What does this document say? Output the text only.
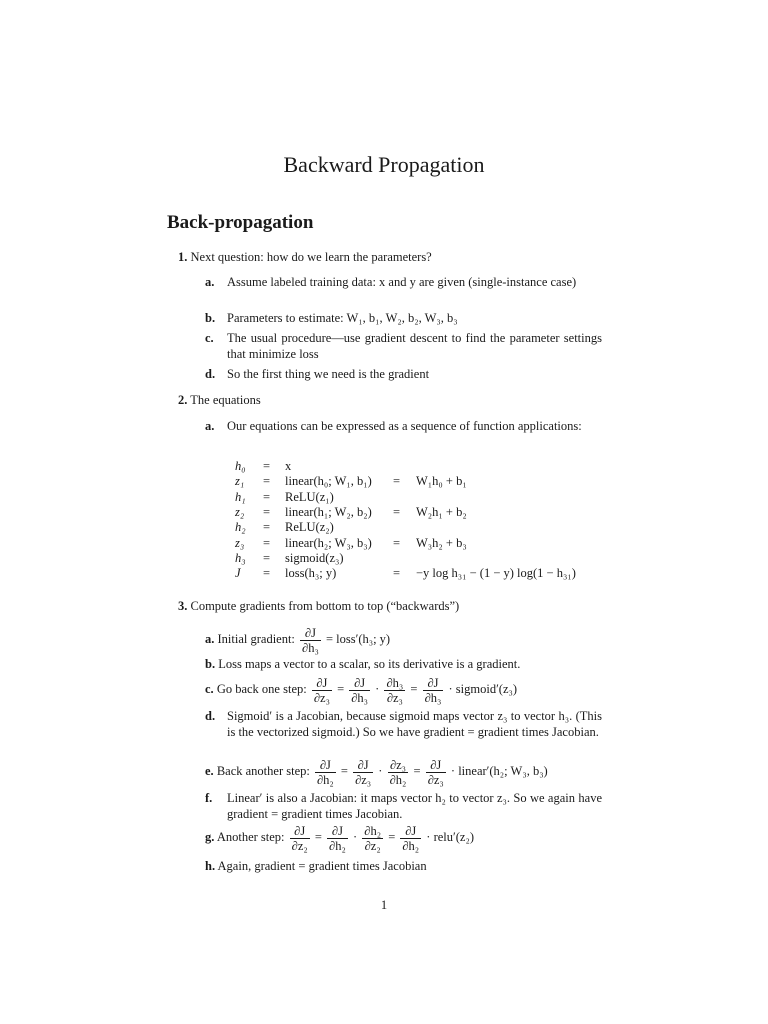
Backward Propagation
Back-propagation
1. Next question: how do we learn the parameters?
a. Assume labeled training data: x and y are given (single-instance case)
b. Parameters to estimate: W₁, b₁, W₂, b₂, W₃, b₃
c. The usual procedure—use gradient descent to find the parameter settings that minimize loss
d. So the first thing we need is the gradient
2. The equations
a. Our equations can be expressed as a sequence of function applications:
h₀ = x
z₁ = linear(h₀; W₁, b₁) = W₁h₀ + b₁
h₁ = ReLU(z₁)
z₂ = linear(h₁; W₂, b₂) = W₂h₁ + b₂
h₂ = ReLU(z₂)
z₃ = linear(h₂; W₃, b₃) = W₃h₂ + b₃
h₃ = sigmoid(z₃)
J = loss(h₃; y)	= −y log h₃₁ − (1 − y) log(1 − h₃₁)
3. Compute gradients from bottom to top (“backwards”)
a. Initial gradient: $\frac{\partial J}{\text{∂h₃}}$ = loss′(h₃; y)
b. Loss maps a vector to a scalar, so its derivative is a gradient.
c. Go back one step: $\frac{\partial J}{\text{∂z₃}} = \frac{\partial J}{\text{∂h₃}} \cdot \frac{\text{∂h₃}}{\text{∂z₃}} = \frac{\partial J}{\text{∂h₃}}$ · sigmoid′(z₃)
d. Sigmoid′ is a Jacobian, because sigmoid maps vector z₃ to vector h₃. (This is the vectorized sigmoid.) So we have gradient = gradient times Jacobian.
e. Back another step: $\frac{\partial J}{\text{∂h₂}} = \frac{\partial J}{\text{∂z₃}} \cdot \frac{\text{∂z₃}}{\text{∂h₂}} = \frac{\partial J}{\text{∂z₃}}$ · linear′(h₂; W₃, b₃)
f. Linear′ is also a Jacobian: it maps vector h₂ to vector z₃. So we again have gradient = gradient times Jacobian.
g. Another step: $\frac{\partial J}{\text{∂z₂}} = \frac{\partial J}{\text{∂h₂}} \cdot \frac{\text{∂h₂}}{\text{∂z₂}} = \frac{\partial J}{\text{∂h₂}}$ · relu′(z₂)
h. Again, gradient = gradient times Jacobian
1
